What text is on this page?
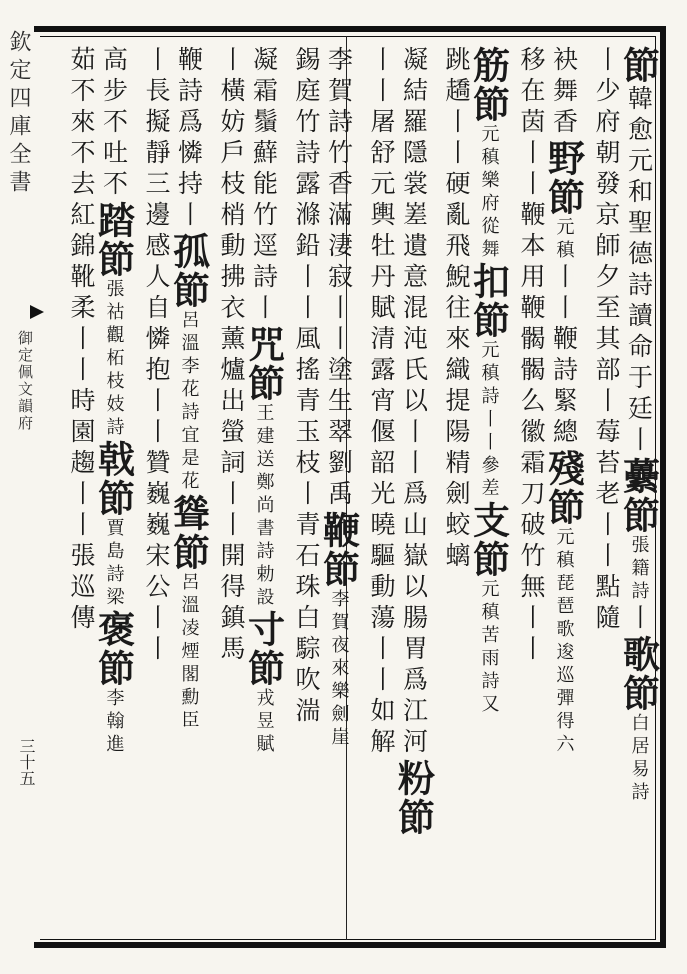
欽定四庫全書
御定佩文韻府
三十五
節韓愈元和聖德詩讀命于廷丨虆節張籍詩丨歌節白居易詩
丨少府朝發京師夕至其部丨莓苔老丨丨點隨
袂舞香野節元稹丨丨鞭詩緊總殘節元稹琵琶歌逡巡彈得六
移在茵丨丨鞭本用鞭𩩲𩩲么徽霜刀破竹無丨丨
筋節元稹樂府從舞扣節元稹詩丨丨參差支節元稹苦雨詩又
跳趫丨丨硬亂飛鯢往來織提陽精劍蛟螭
凝結羅隱裳嵳遺意混沌氏以丨丨爲山嶽以腸胃爲江河粉節
丨丨屠舒元輿牡丹賦清露宵偃韶光曉驅動蕩丨丨如解
李賀詩竹香滿淒寂丨丨塗生翠劉禹鞭節李賀夜來樂劍崖
錫庭竹詩露滌鉛丨丨風搖青玉枝丨青石珠白騌吹湍
凝霜鬚蘚能竹逕詩丨咒節王建送鄭尚書詩勅設寸節戎昱賦
丨橫妨戶枝梢動拂衣薰爐出螢詞丨丨開得鎮馬
鞭詩爲憐持丨孤節呂溫李花詩宜是花聳節呂溫凌煙閣勳臣
丨長擬靜三邊感人自憐抱丨丨贊巍巍宋公丨丨
高步不吐不踏節張祜觀柘枝妓詩戟節賈島詩梁褒節李翰進
茹不來不去紅錦靴柔丨丨時園趨丨丨張巡傳
